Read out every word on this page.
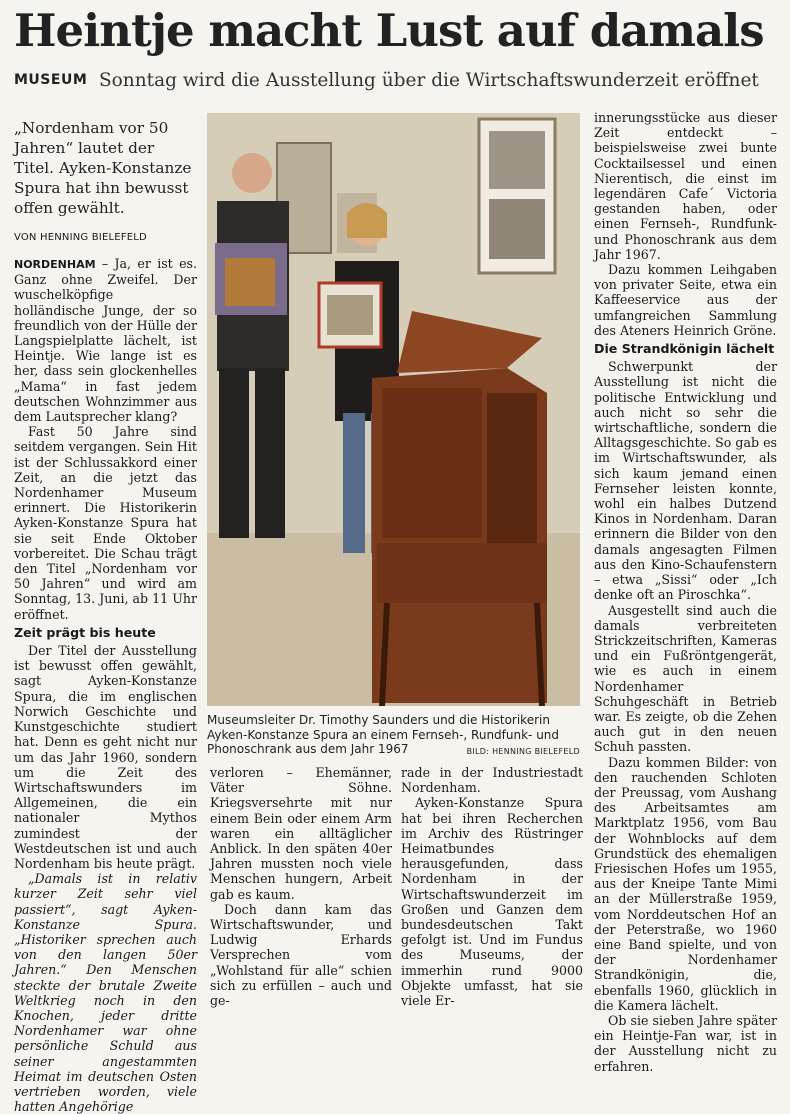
Heintje macht Lust auf damals
MUSEUM Sonntag wird die Ausstellung über die Wirtschaftswunderzeit eröffnet
„Nordenham vor 50 Jahren“ lautet der Titel. Ayken-Konstanze Spura hat ihn bewusst offen gewählt.
VON HENNING BIELEFELD

NORDENHAM – Ja, er ist es. Ganz ohne Zweifel. Der wuschelköpfige holländische Junge, der so freundlich von der Hülle der Langspielplatte lächelt, ist Heintje. Wie lange ist es her, dass sein glockenhelles „Mama“ in fast jedem deutschen Wohnzimmer aus dem Lautsprecher klang?

Fast 50 Jahre sind seitdem vergangen. Sein Hit ist der Schlussakkord einer Zeit, an die jetzt das Nordenhamer Museum erinnert. Die Historikerin Ayken-Konstanze Spura hat sie seit Ende Oktober vorbereitet. Die Schau trägt den Titel „Nordenham vor 50 Jahren“ und wird am Sonntag, 13. Juni, ab 11 Uhr eröffnet.

Zeit prägt bis heute

Der Titel der Ausstellung ist bewusst offen gewählt, sagt Ayken-Konstanze Spura, die im englischen Norwich Geschichte und Kunstgeschichte studiert hat. Denn es geht nicht nur um das Jahr 1960, sondern um die Zeit des Wirtschaftswunders im Allgemeinen, die ein nationaler Mythos zumindest der Westdeutschen ist und auch Nordenham bis heute prägt.

„Damals ist in relativ kurzer Zeit sehr viel passiert“, sagt Ayken-Konstanze Spura. „Historiker sprechen auch von den langen 50er Jahren.“ Den Menschen steckte der brutale Zweite Weltkrieg noch in den Knochen, jeder dritte Nordenhamer war ohne persönliche Schuld aus seiner angestammten Heimat im deutschen Osten vertrieben worden, viele hatten Angehörige

Museumsleiter Dr. Timothy Saunders und die Historikerin Ayken-Konstanze Spura an einem Fernseh-, Rundfunk- und Phonoschrank aus dem Jahr 1967	BILD: HENNING BIELEFELD

verloren – Ehemänner, Väter Söhne. Kriegsversehrte mit nur einem Bein oder einem Arm waren ein alltäglicher Anblick. In den späten 40er Jahren mussten noch viele Menschen hungern, Arbeit gab es kaum.

Doch dann kam das Wirtschaftswunder, und Ludwig Erhards Versprechen vom „Wohlstand für alle“ schien sich zu erfüllen – auch und ge-

rade in der Industriestadt Nordenham.

Ayken-Konstanze Spura hat bei ihren Recherchen im Archiv des Rüstringer Heimatbundes herausgefunden, dass Nordenham in der Wirtschaftswunderzeit im Großen und Ganzen dem bundesdeutschen Takt gefolgt ist. Und im Fundus des Museums, der immerhin rund 9000 Objekte umfasst, hat sie viele Er-

innerungsstücke aus dieser Zeit entdeckt – beispielsweise zwei bunte Cocktailsessel und einen Nierentisch, die einst im legendären Cafe´ Victoria gestanden haben, oder einen Fernseh-, Rundfunk- und Phonoschrank aus dem Jahr 1967.

Dazu kommen Leihgaben von privater Seite, etwa ein Kaffeeservice aus der umfangreichen Sammlung des Ateners Heinrich Gröne.

Die Strandkönigin lächelt

Schwerpunkt der Ausstellung ist nicht die politische Entwicklung und auch nicht so sehr die wirtschaftliche, sondern die Alltagsgeschichte. So gab es im Wirtschaftswunder, als sich kaum jemand einen Fernseher leisten konnte, wohl ein halbes Dutzend Kinos in Nordenham. Daran erinnern die Bilder von den damals angesagten Filmen aus den Kino-Schaufenstern – etwa „Sissi“ oder „Ich denke oft an Piroschka“.

Ausgestellt sind auch die damals verbreiteten Strickzeitschriften, Kameras und ein Fußröntgengerät, wie es auch in einem Nordenhamer Schuhgeschäft in Betrieb war. Es zeigte, ob die Zehen auch gut in den neuen Schuh passten.

Dazu kommen Bilder: von den rauchenden Schloten der Preussag, vom Aushang des Arbeitsamtes am Marktplatz 1956, vom Bau der Wohnblocks auf dem Grundstück des ehemaligen Friesischen Hofes um 1955, aus der Kneipe Tante Mimi an der Müllerstraße 1959, vom Norddeutschen Hof an der Peterstraße, wo 1960 eine Band spielte, und von der Nordenhamer Strandkönigin, die, ebenfalls 1960, glücklich in die Kamera lächelt.

Ob sie sieben Jahre später ein Heintje-Fan war, ist in der Ausstellung nicht zu erfahren.
